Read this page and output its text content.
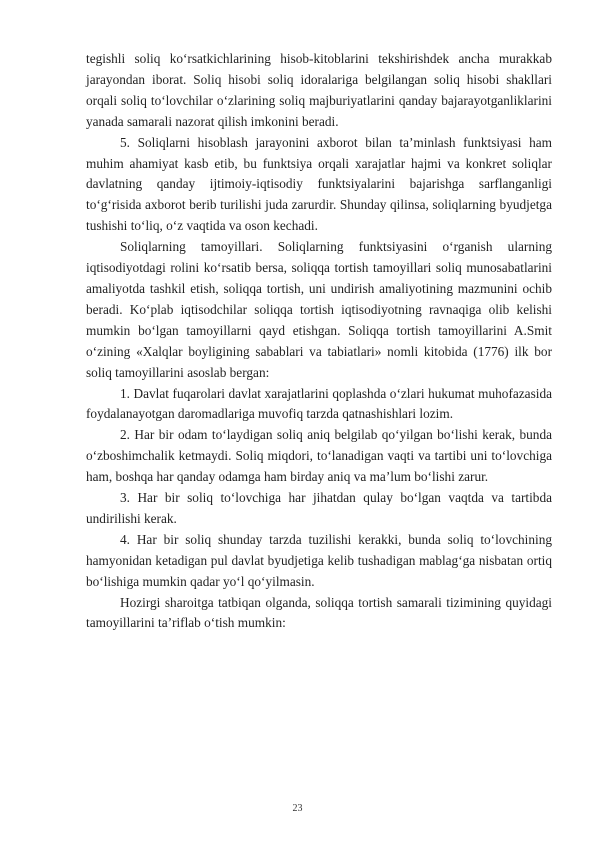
tegishli soliq ko‘rsatkichlarining hisob-kitoblarini tekshirishdek ancha murakkab jarayondan iborat. Soliq hisobi soliq idoralariga belgilangan soliq hisobi shakllari orqali soliq to‘lovchilar o‘zlarining soliq majburiyatlarini qanday bajarayotganliklarini yanada samarali nazorat qilish imkonini beradi.

5. Soliqlarni hisoblash jarayonini axborot bilan ta’minlash funktsiyasi ham muhim ahamiyat kasb etib, bu funktsiya orqali xarajatlar hajmi va konkret soliqlar davlatning qanday ijtimoiy-iqtisodiy funktsiyalarini bajarishga sarflanganligi to‘g‘risida axborot berib turilishi juda zarurdir. Shunday qilinsa, soliqlarning byudjetga tushishi to‘liq, o‘z vaqtida va oson kechadi.

Soliqlarning tamoyillari. Soliqlarning funktsiyasini o‘rganish ularning iqtisodiyotdagi rolini ko‘rsatib bersa, soliqqa tortish tamoyillari soliq munosabatlarini amaliyotda tashkil etish, soliqqa tortish, uni undirish amaliyotining mazmunini ochib beradi. Ko‘plab iqtisodchilar soliqqa tortish iqtisodiyotning ravnaqiga olib kelishi mumkin bo‘lgan tamoyillarni qayd etishgan. Soliqqa tortish tamoyillarini A.Smit o‘zining «Xalqlar boyligining sabablari va tabiatlari» nomli kitobida (1776) ilk bor soliq tamoyillarini asoslab bergan:

1. Davlat fuqarolari davlat xarajatlarini qoplashda o‘zlari hukumat muhofazasida foydalanayotgan daromadlariga muvofiq tarzda qatnashishlari lozim.

2. Har bir odam to‘laydigan soliq aniq belgilab qo‘yilgan bo‘lishi kerak, bunda o‘zboshimchalik ketmaydi. Soliq miqdori, to‘lanadigan vaqti va tartibi uni to‘lovchiga ham, boshqa har qanday odamga ham birday aniq va ma’lum bo‘lishi zarur.

3. Har bir soliq to‘lovchiga har jihatdan qulay bo‘lgan vaqtda va tartibda undirilishi kerak.

4. Har bir soliq shunday tarzda tuzilishi kerakki, bunda soliq to‘lovchining hamyonidan ketadigan pul davlat byudjetiga kelib tushadigan mablag‘ga nisbatan ortiq bo‘lishiga mumkin qadar yo‘l qo‘yilmasin.

Hozirgi sharoitga tatbiqan olganda, soliqqa tortish samarali tizimining quyidagi tamoyillarini ta’riflab o‘tish mumkin:

23
